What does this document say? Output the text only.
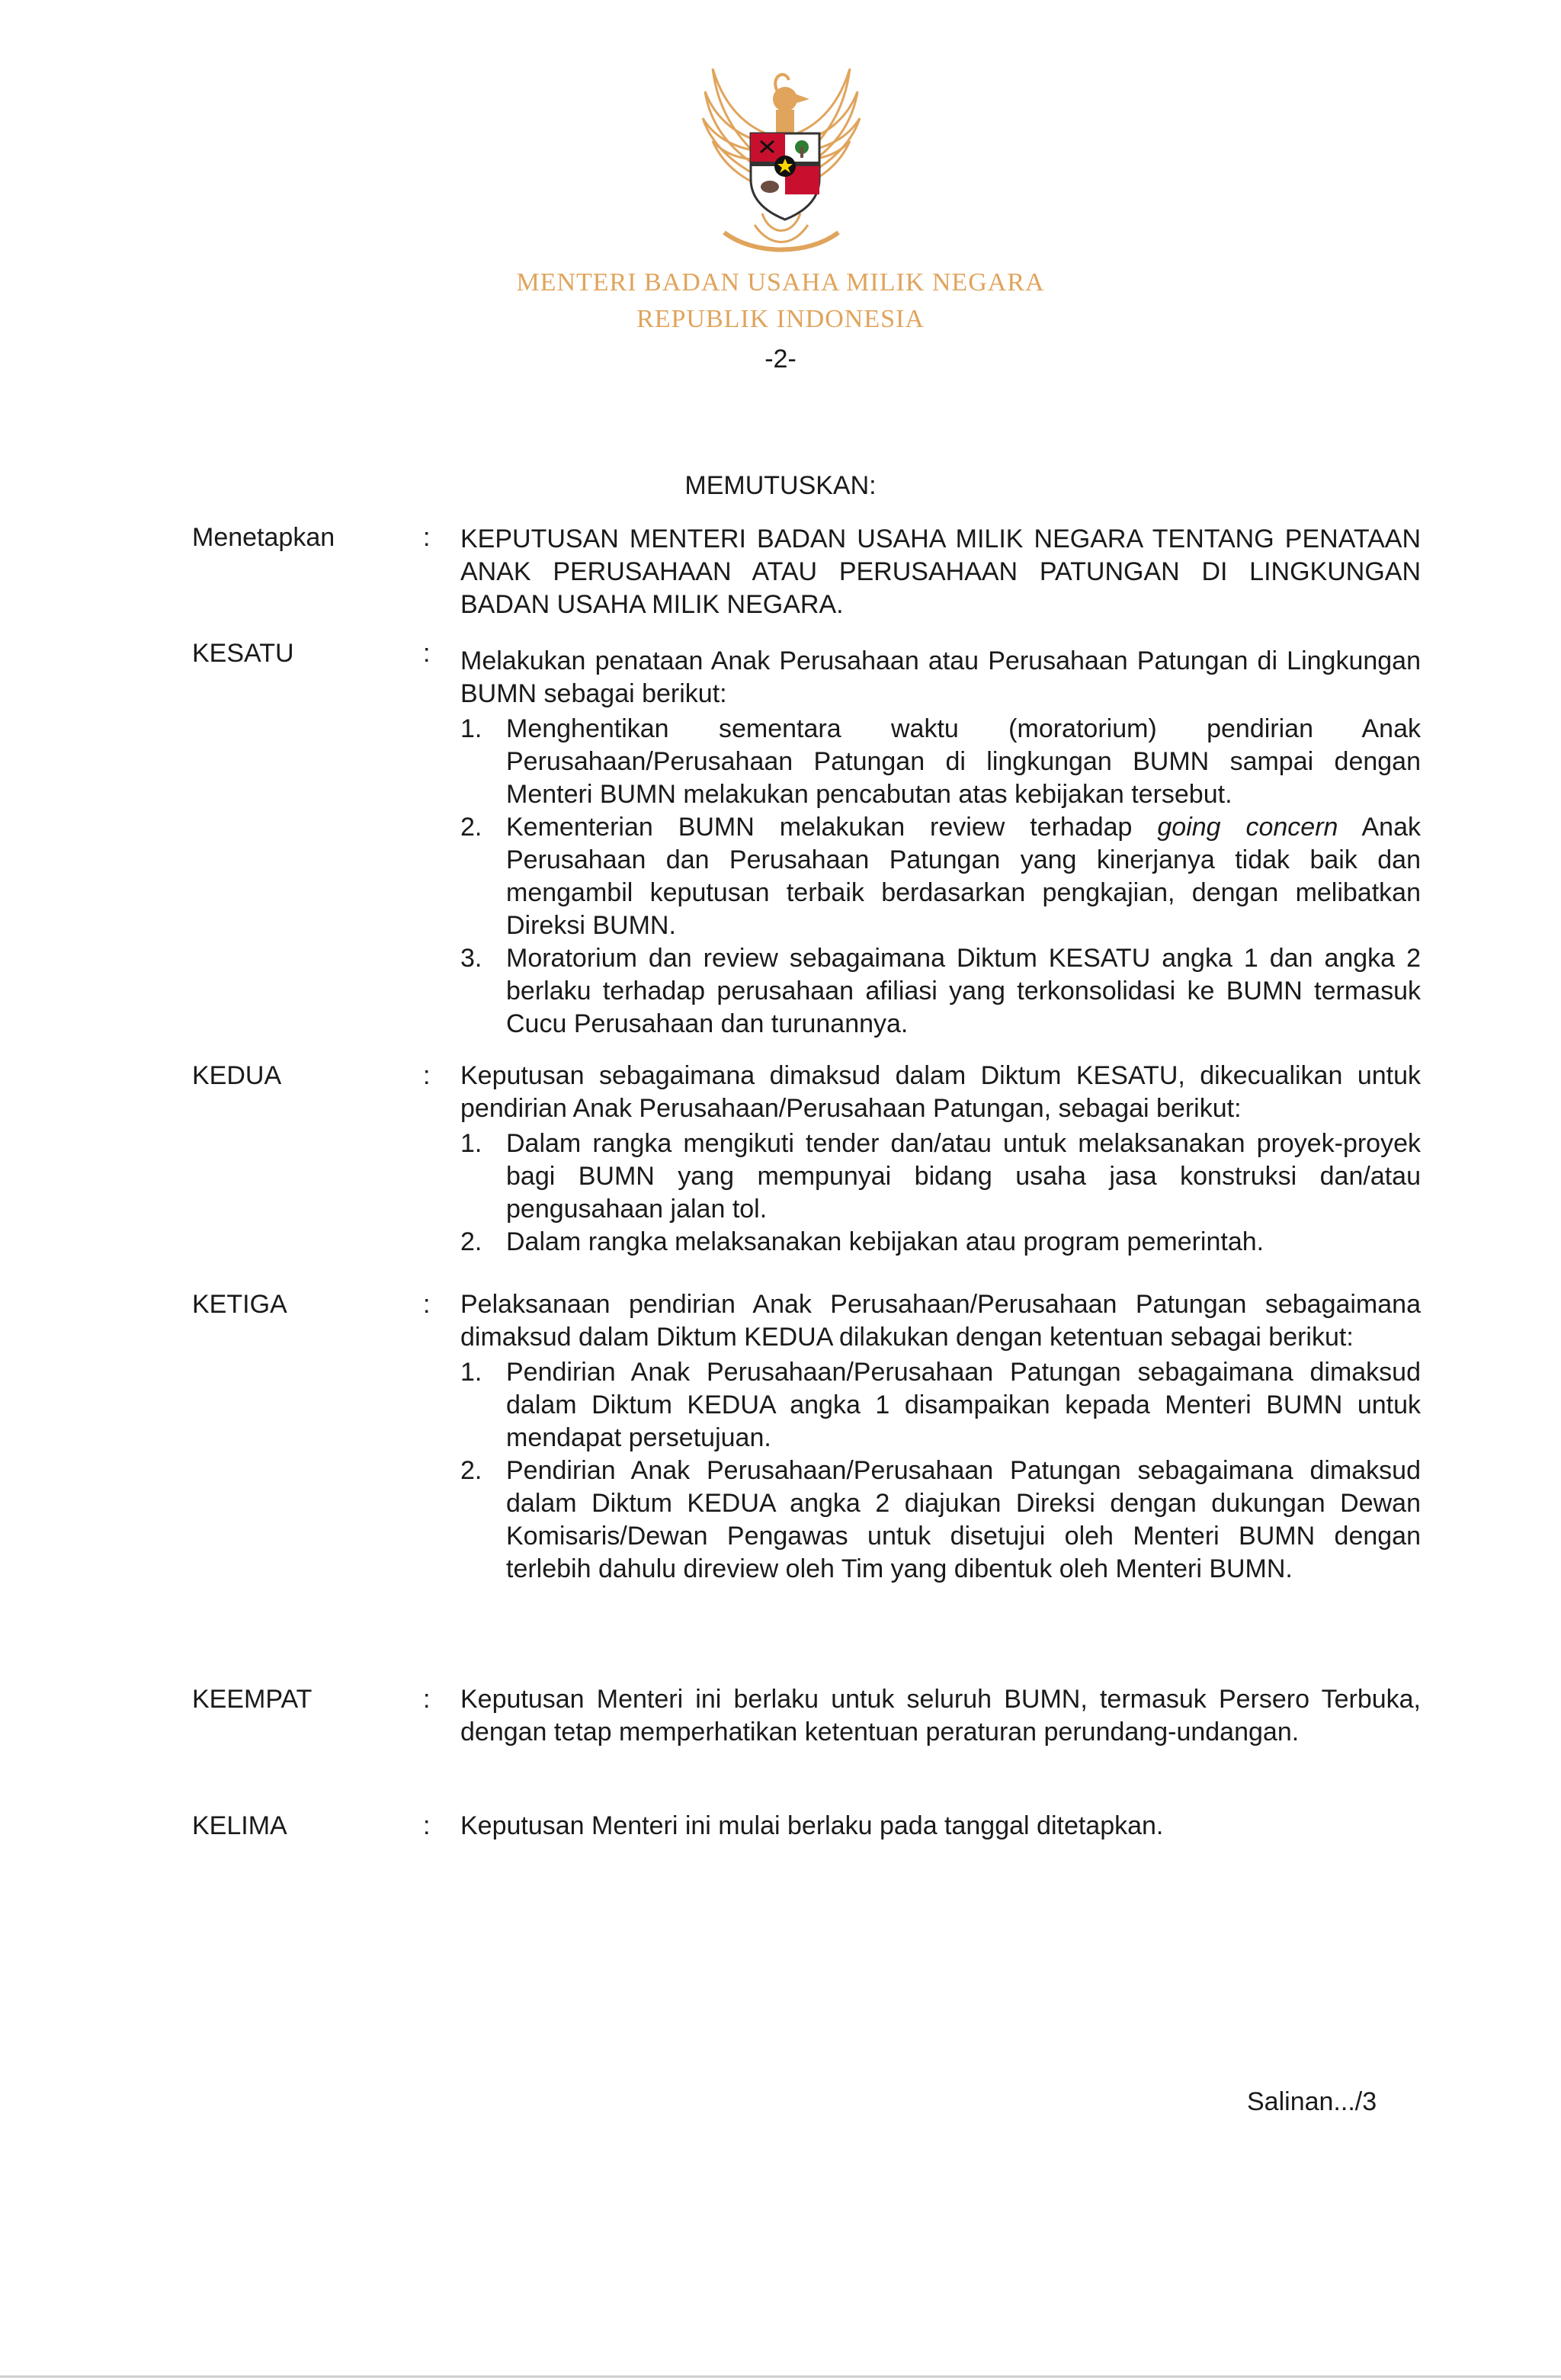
MENTERI BADAN USAHA MILIK NEGARA
REPUBLIK INDONESIA
-2-
MEMUTUSKAN:
Menetapkan	: KEPUTUSAN MENTERI BADAN USAHA MILIK NEGARA TENTANG PENATAAN ANAK PERUSAHAAN ATAU PERUSAHAAN PATUNGAN DI LINGKUNGAN BADAN USAHA MILIK NEGARA.

KESATU	: Melakukan penataan Anak Perusahaan atau Perusahaan Patungan di Lingkungan BUMN sebagai berikut:

1. Menghentikan sementara waktu (moratorium) pendirian Anak Perusahaan/Perusahaan Patungan di lingkungan BUMN sampai dengan Menteri BUMN melakukan pencabutan atas kebijakan tersebut.
2. Kementerian BUMN melakukan review terhadap going concern Anak Perusahaan dan Perusahaan Patungan yang kinerjanya tidak baik dan mengambil keputusan terbaik berdasarkan pengkajian, dengan melibatkan Direksi BUMN.
3. Moratorium dan review sebagaimana Diktum KESATU angka 1 dan angka 2 berlaku terhadap perusahaan afiliasi yang terkonsolidasi ke BUMN termasuk Cucu Perusahaan dan turunannya.
KEDUA	: Keputusan sebagaimana dimaksud dalam Diktum KESATU, dikecualikan untuk pendirian Anak Perusahaan/Perusahaan Patungan, sebagai berikut:

1. Dalam rangka mengikuti tender dan/atau untuk melaksanakan proyek-proyek bagi BUMN yang mempunyai bidang usaha jasa konstruksi dan/atau pengusahaan jalan tol.
2. Dalam rangka melaksanakan kebijakan atau program pemerintah.
KETIGA	: Pelaksanaan pendirian Anak Perusahaan/Perusahaan Patungan sebagaimana dimaksud dalam Diktum KEDUA dilakukan dengan ketentuan sebagai berikut:

1. Pendirian Anak Perusahaan/Perusahaan Patungan sebagaimana dimaksud dalam Diktum KEDUA angka 1 disampaikan kepada Menteri BUMN untuk mendapat persetujuan.
2. Pendirian Anak Perusahaan/Perusahaan Patungan sebagaimana dimaksud dalam Diktum KEDUA angka 2 diajukan Direksi dengan dukungan Dewan Komisaris/Dewan Pengawas untuk disetujui oleh Menteri BUMN dengan terlebih dahulu direview oleh Tim yang dibentuk oleh Menteri BUMN.
KEEMPAT	: Keputusan Menteri ini berlaku untuk seluruh BUMN, termasuk Persero Terbuka, dengan tetap memperhatikan ketentuan peraturan perundang-undangan.

KELIMA	: Keputusan Menteri ini mulai berlaku pada tanggal ditetapkan.

Salinan.../3
